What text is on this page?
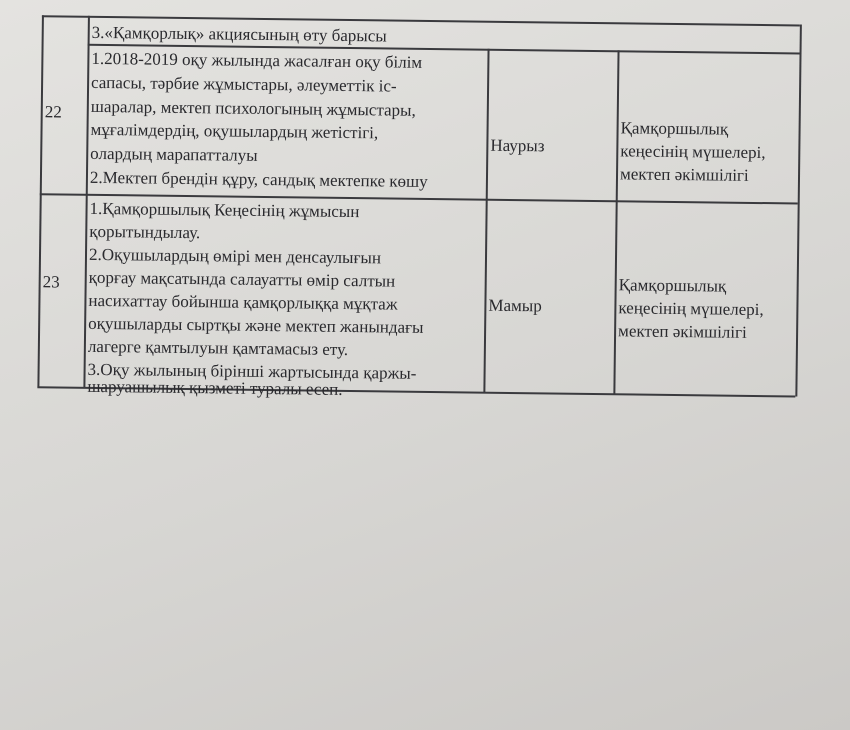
3.«Қамқорлық» акциясының өту барысы
22
1.2018-2019 оқу жылында жасалған оқу білім
сапасы, тәрбие жұмыстары, әлеуметтік іс-
шаралар, мектеп психологының жұмыстары,
мұғалімдердің, оқушылардың жетістігі,
олардың марапатталуы
2.Мектеп брендін құру, сандық мектепке көшу
Наурыз
Қамқоршылық
кеңесінің мүшелері,
мектеп әкімшілігі
23
1.Қамқоршылық Кеңесінің жұмысын
қорытындылау.
2.Оқушылардың өмірі мен денсаулығын
қорғау мақсатында салауатты өмір салтын
насихаттау бойынша қамқорлыққа мұқтаж
оқушыларды сыртқы және мектеп жанындағы
лагерге қамтылуын қамтамасыз ету.
3.Оқу жылының бірінші жартысында қаржы-
шаруашылық қызметі туралы есеп.
Мамыр
Қамқоршылық
кеңесінің мүшелері,
мектеп әкімшілігі
